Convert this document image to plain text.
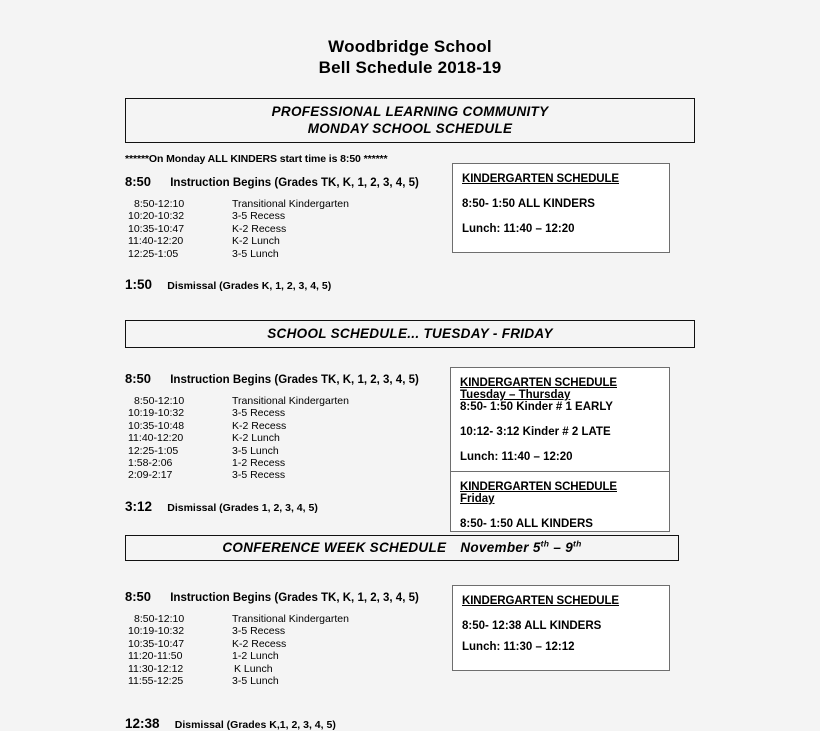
Woodbridge School
Bell Schedule 2018-19
PROFESSIONAL LEARNING COMMUNITY
MONDAY SCHOOL SCHEDULE
******On Monday ALL KINDERS start time is 8:50 ******
8:50 Instruction Begins (Grades TK, K, 1, 2, 3, 4, 5)
8:50-12:10	Transitional Kindergarten
10:20-10:32	3-5 Recess
10:35-10:47	K-2 Recess
11:40-12:20	K-2 Lunch
12:25-1:05	3-5 Lunch
1:50 Dismissal (Grades K, 1, 2, 3, 4, 5)
KINDERGARTEN SCHEDULE
8:50- 1:50 ALL KINDERS
Lunch: 11:40 – 12:20
SCHOOL SCHEDULE... TUESDAY - FRIDAY
8:50 Instruction Begins (Grades TK, K, 1, 2, 3, 4, 5)
8:50-12:10	Transitional Kindergarten
10:19-10:32	3-5 Recess
10:35-10:48	K-2 Recess
11:40-12:20	K-2 Lunch
12:25-1:05	3-5 Lunch
1:58-2:06	1-2 Recess
2:09-2:17	3-5 Recess
3:12 Dismissal (Grades 1, 2, 3, 4, 5)
KINDERGARTEN SCHEDULE
Tuesday – Thursday
8:50- 1:50 Kinder # 1 EARLY
10:12- 3:12 Kinder # 2 LATE
Lunch: 11:40 – 12:20
KINDERGARTEN SCHEDULE
Friday
8:50- 1:50 ALL KINDERS
CONFERENCE WEEK SCHEDULE November 5th – 9th
8:50 Instruction Begins (Grades TK, K, 1, 2, 3, 4, 5)
8:50-12:10	Transitional Kindergarten
10:19-10:32	3-5 Recess
10:35-10:47	K-2 Recess
11:20-11:50	1-2 Lunch
11:30-12:12	K Lunch
11:55-12:25	3-5 Lunch
12:38 Dismissal (Grades K,1, 2, 3, 4, 5)
KINDERGARTEN SCHEDULE
8:50- 12:38 ALL KINDERS
Lunch: 11:30 – 12:12
